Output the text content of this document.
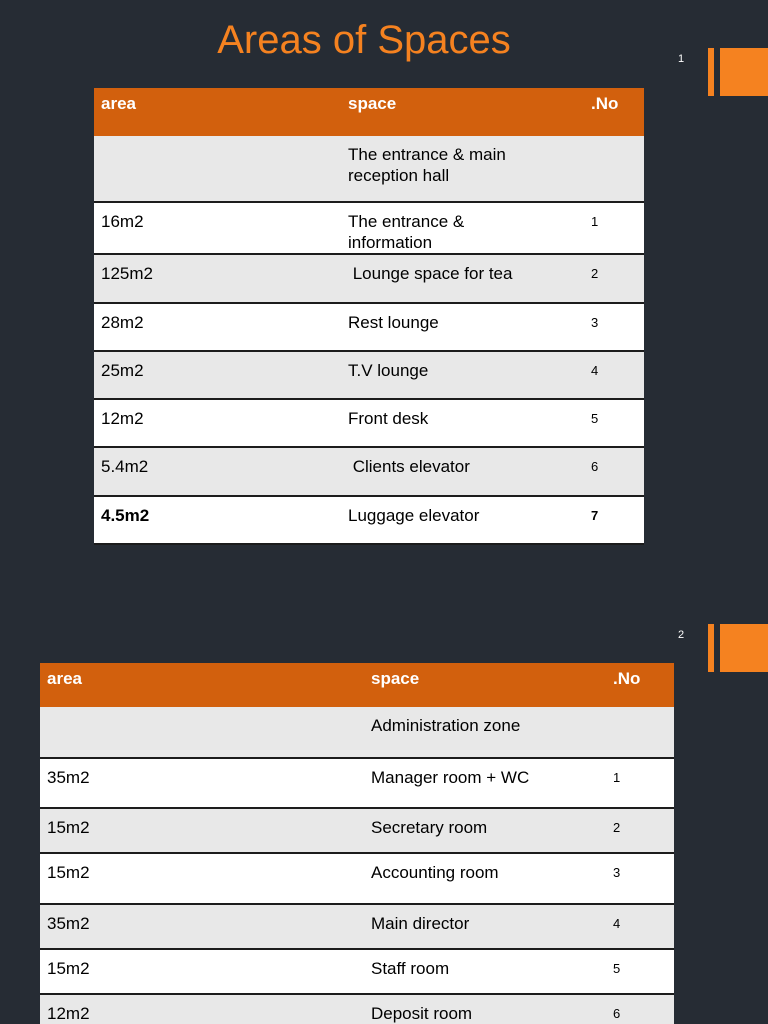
Areas of Spaces	1
area	space	.No
	The entrance & main
reception hall	
16m2	The entrance &
information	1
125m2	Lounge space for tea	2
28m2	Rest lounge	3
25m2	T.V lounge	4
12m2	Front desk	5
5.4m2	Clients elevator	6
4.5m2	Luggage elevator	7
2
area	space	.No
	Administration zone	
35m2	Manager room + WC	1
15m2	Secretary room	2
15m2	Accounting room	3
35m2	Main director	4
15m2	Staff room	5
12m2	Deposit room	6
